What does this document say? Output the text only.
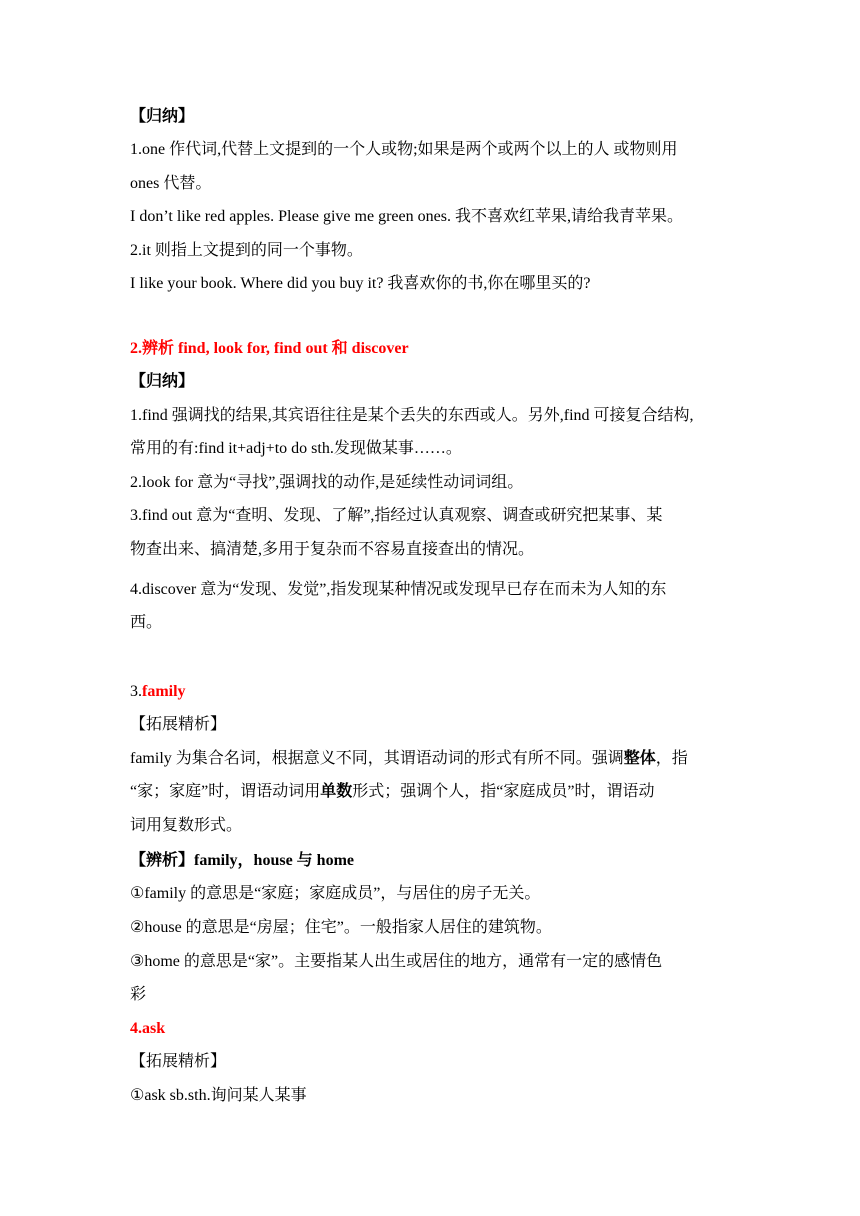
【归纳】
1.one 作代词,代替上文提到的一个人或物;如果是两个或两个以上的人 或物则用
ones 代替。
I don’t like red apples. Please give me green ones. 我不喜欢红苹果,请给我青苹果。
2.it 则指上文提到的同一个事物。
I like your book. Where did you buy it? 我喜欢你的书,你在哪里买的?
2.辨析 find, look for, find out 和 discover
【归纳】
1.find 强调找的结果,其宾语往往是某个丢失的东西或人。另外,find 可接复合结构,
常用的有:find it+adj+to do sth.发现做某事……。
2.look for 意为“寻找”,强调找的动作,是延续性动词词组。
3.find out 意为“查明、发现、了解”,指经过认真观察、调查或研究把某事、某
物查出来、搞清楚,多用于复杂而不容易直接查出的情况。
4.discover 意为“发现、发觉”,指发现某种情况或发现早已存在而未为人知的东
西。
3.family
【拓展精析】
family 为集合名词，根据意义不同，其谓语动词的形式有所不同。强调整体，指
“家；家庭”时，谓语动词用单数形式；强调个人，指“家庭成员”时，谓语动
词用复数形式。
【辨析】family，house 与 home
①family 的意思是“家庭；家庭成员”，与居住的房子无关。
②house 的意思是“房屋；住宅”。一般指家人居住的建筑物。
③home 的意思是“家”。主要指某人出生或居住的地方，通常有一定的感情色
彩
4.ask
【拓展精析】
①ask sb.sth.询问某人某事
